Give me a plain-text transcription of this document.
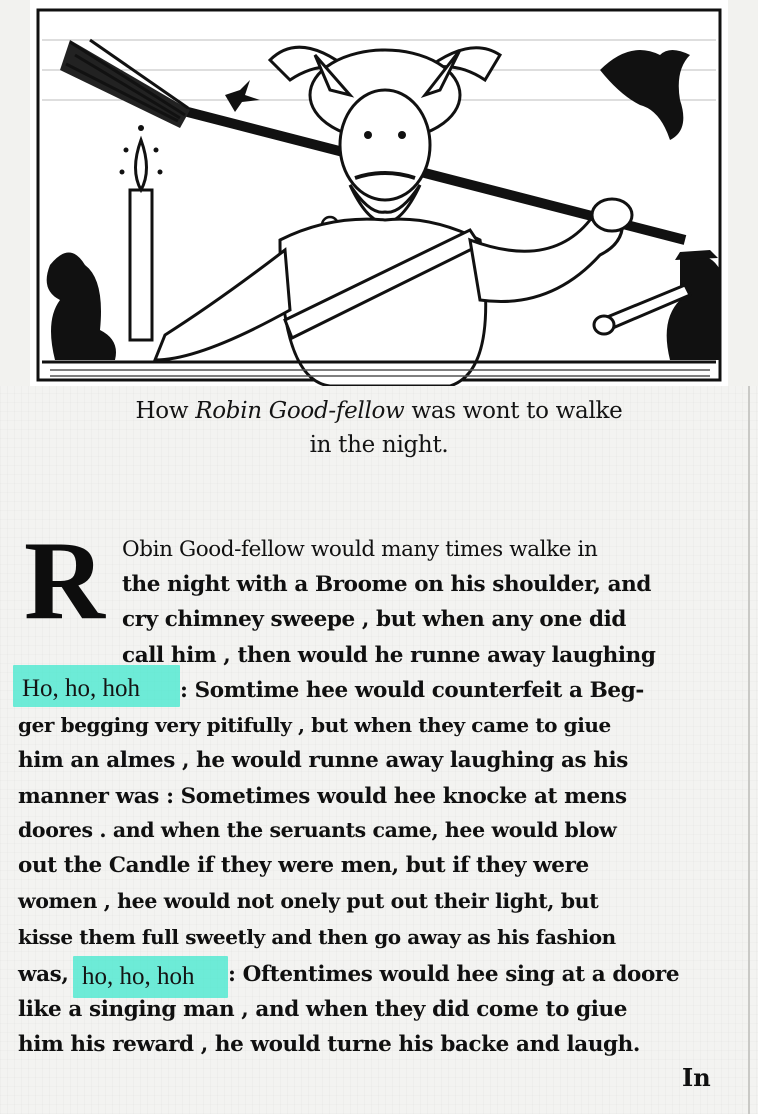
How Robin Good-fellow was wont to walke
in the night.
R Obin Good-fellow would many times walke in
the night with a Broome on his shoulder, and
cry chimney sweepe , but when any one did
call him , then would he runne away laughing
Ho, ho, hoh : Somtime hee would counterfeit a Beg-
ger begging very pitifully , but when they came to giue
him an almes , he would runne away laughing as his
manner was : Sometimes would hee knocke at mens
doores . and when the seruants came, hee would blow
out the Candle if they were men, but if they were
women , hee would not onely put out their light, but
kisse them full sweetly and then go away as his fashion
was, ho, ho, hoh : Oftentimes would hee sing at a doore
like a singing man , and when they did come to giue
him his reward , he would turne his backe and laugh.
In
